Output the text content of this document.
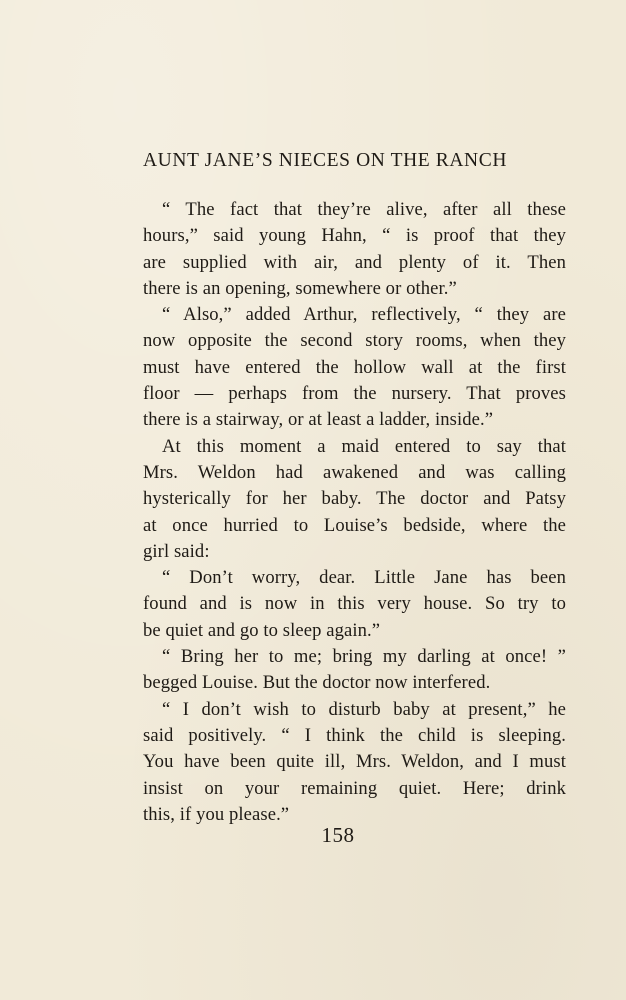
AUNT JANE’S NIECES ON THE RANCH
“ The fact that they’re alive, after all these
hours,” said young Hahn, “ is proof that they
are supplied with air, and plenty of it. Then
there is an opening, somewhere or other.”
“ Also,” added Arthur, reflectively, “ they are
now opposite the second story rooms, when they
must have entered the hollow wall at the first
floor — perhaps from the nursery. That proves
there is a stairway, or at least a ladder, inside.”
At this moment a maid entered to say that
Mrs. Weldon had awakened and was calling
hysterically for her baby. The doctor and Patsy
at once hurried to Louise’s bedside, where the
girl said:
“ Don’t worry, dear. Little Jane has been
found and is now in this very house. So try to
be quiet and go to sleep again.”
“ Bring her to me; bring my darling at once! ”
begged Louise. But the doctor now interfered.
“ I don’t wish to disturb baby at present,” he
said positively. “ I think the child is sleeping.
You have been quite ill, Mrs. Weldon, and I must
insist on your remaining quiet. Here; drink
this, if you please.”
158
